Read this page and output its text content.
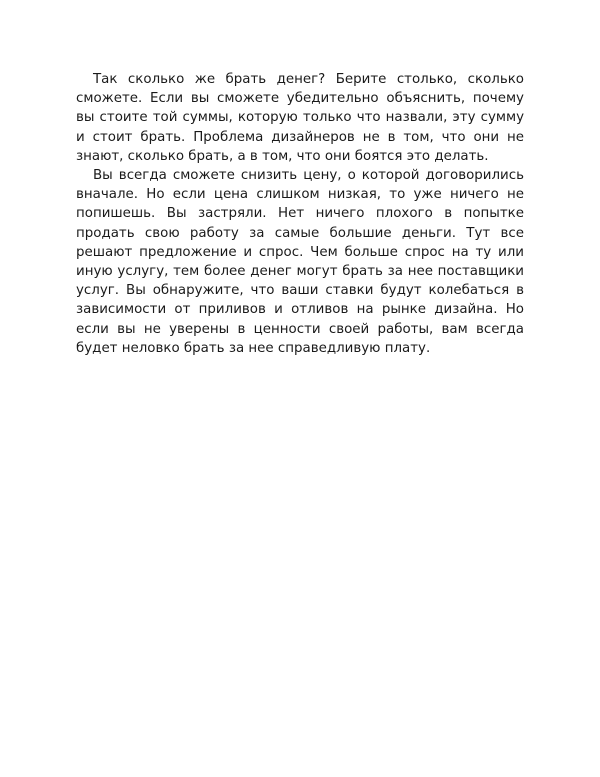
Так сколько же брать денег? Берите столько, сколько сможете. Если вы сможете убедительно объяснить, почему вы стоите той суммы, которую только что назвали, эту сумму и стоит брать. Проблема дизайнеров не в том, что они не знают, сколько брать, а в том, что они боятся это делать.

Вы всегда сможете снизить цену, о которой договорились вначале. Но если цена слишком низкая, то уже ничего не попишешь. Вы застряли. Нет ничего плохого в попытке продать свою работу за самые большие деньги. Тут все решают предложение и спрос. Чем больше спрос на ту или иную услугу, тем более денег могут брать за нее поставщики услуг. Вы обнаружите, что ваши ставки будут колебаться в зависимости от приливов и отливов на рынке дизайна. Но если вы не уверены в ценности своей работы, вам всегда будет неловко брать за нее справедливую плату.
